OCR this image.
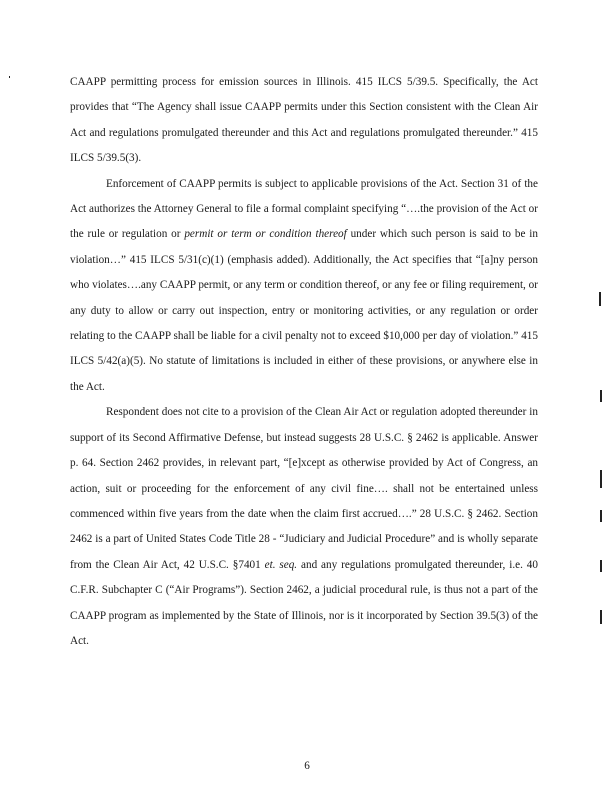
CAAPP permitting process for emission sources in Illinois. 415 ILCS 5/39.5. Specifically, the Act provides that “The Agency shall issue CAAPP permits under this Section consistent with the Clean Air Act and regulations promulgated thereunder and this Act and regulations promulgated thereunder.” 415 ILCS 5/39.5(3).

Enforcement of CAAPP permits is subject to applicable provisions of the Act. Section 31 of the Act authorizes the Attorney General to file a formal complaint specifying “….the provision of the Act or the rule or regulation or permit or term or condition thereof under which such person is said to be in violation…” 415 ILCS 5/31(c)(1) (emphasis added). Additionally, the Act specifies that “[a]ny person who violates….any CAAPP permit, or any term or condition thereof, or any fee or filing requirement, or any duty to allow or carry out inspection, entry or monitoring activities, or any regulation or order relating to the CAAPP shall be liable for a civil penalty not to exceed $10,000 per day of violation.” 415 ILCS 5/42(a)(5). No statute of limitations is included in either of these provisions, or anywhere else in the Act.

Respondent does not cite to a provision of the Clean Air Act or regulation adopted thereunder in support of its Second Affirmative Defense, but instead suggests 28 U.S.C. § 2462 is applicable. Answer p. 64. Section 2462 provides, in relevant part, “[e]xcept as otherwise provided by Act of Congress, an action, suit or proceeding for the enforcement of any civil fine…. shall not be entertained unless commenced within five years from the date when the claim first accrued….” 28 U.S.C. § 2462. Section 2462 is a part of United States Code Title 28 - “Judiciary and Judicial Procedure” and is wholly separate from the Clean Air Act, 42 U.S.C. §7401 et. seq. and any regulations promulgated thereunder, i.e. 40 C.F.R. Subchapter C (“Air Programs”). Section 2462, a judicial procedural rule, is thus not a part of the CAAPP program as implemented by the State of Illinois, nor is it incorporated by Section 39.5(3) of the Act.

6
